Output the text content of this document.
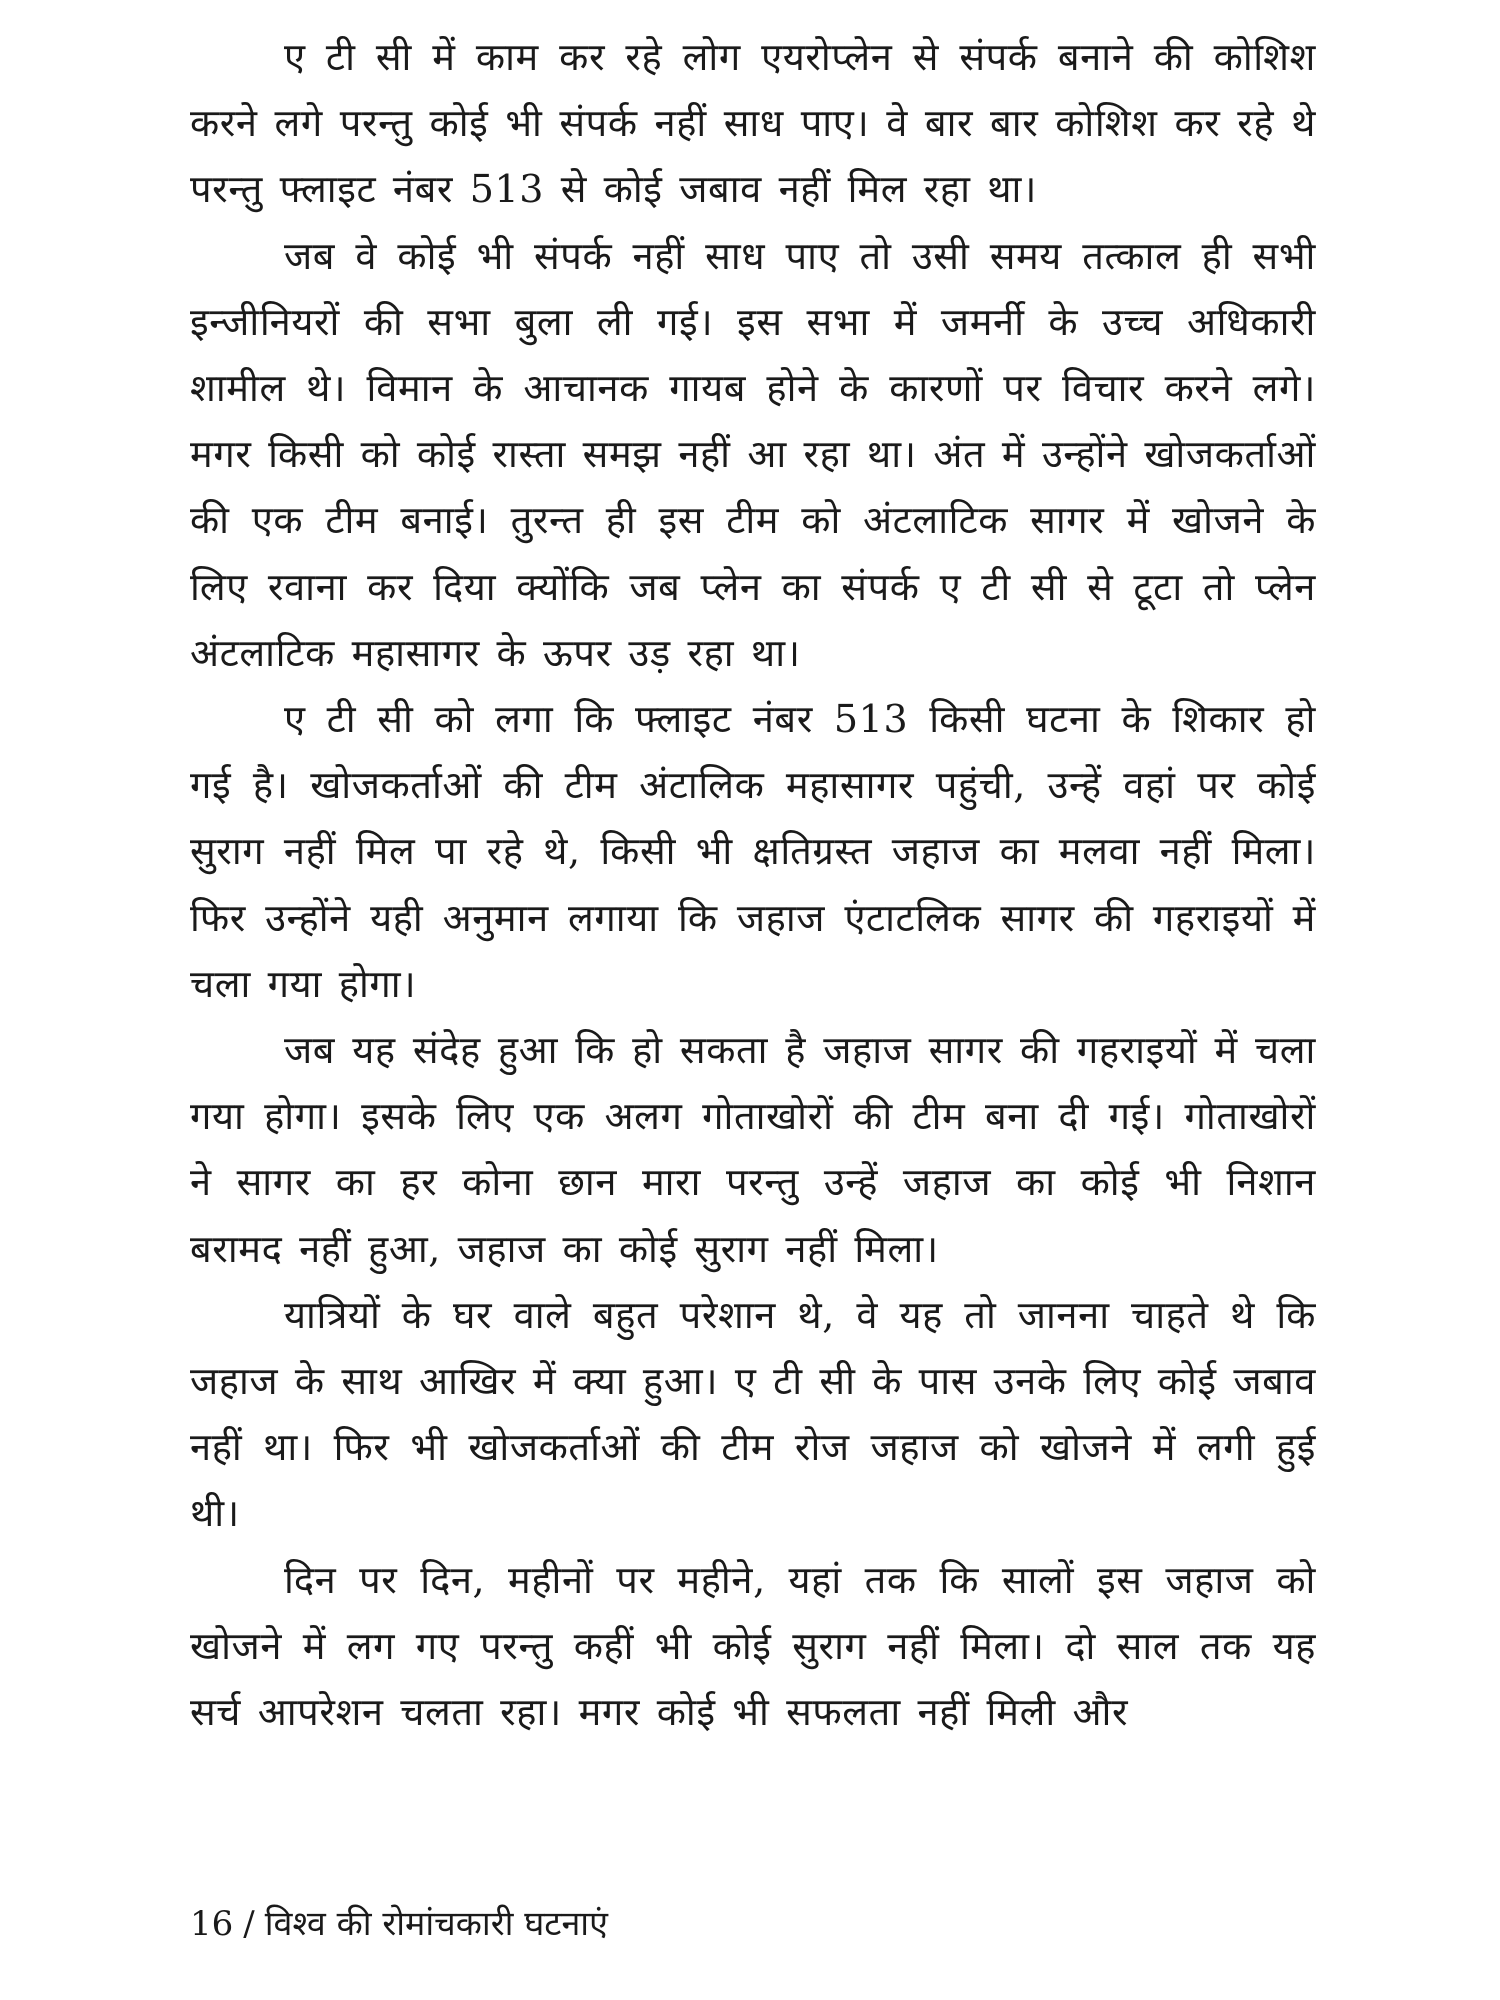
ए टी सी में काम कर रहे लोग एयरोप्लेन से संपर्क बनाने की कोशिश करने लगे परन्तु कोई भी संपर्क नहीं साध पाए। वे बार बार कोशिश कर रहे थे परन्तु फ्लाइट नंबर 513 से कोई जबाव नहीं मिल रहा था।

जब वे कोई भी संपर्क नहीं साध पाए तो उसी समय तत्काल ही सभी इन्जीनियरों की सभा बुला ली गई। इस सभा में जमर्नी के उच्च अधिकारी शामील थे। विमान के आचानक गायब होने के कारणों पर विचार करने लगे। मगर किसी को कोई रास्ता समझ नहीं आ रहा था। अंत में उन्होंने खोजकर्ताओं की एक टीम बनाई। तुरन्त ही इस टीम को अंटलाटिक सागर में खोजने के लिए रवाना कर दिया क्योंकि जब प्लेन का संपर्क ए टी सी से टूटा तो प्लेन अंटलाटिक महासागर के ऊपर उड़ रहा था।

ए टी सी को लगा कि फ्लाइट नंबर 513 किसी घटना के शिकार हो गई है। खोजकर्ताओं की टीम अंटालिक महासागर पहुंची, उन्हें वहां पर कोई सुराग नहीं मिल पा रहे थे, किसी भी क्षतिग्रस्त जहाज का मलवा नहीं मिला। फिर उन्होंने यही अनुमान लगाया कि जहाज एंटाटलिक सागर की गहराइयों में चला गया होगा।

जब यह संदेह हुआ कि हो सकता है जहाज सागर की गहराइयों में चला गया होगा। इसके लिए एक अलग गोताखोरों की टीम बना दी गई। गोताखोरों ने सागर का हर कोना छान मारा परन्तु उन्हें जहाज का कोई भी निशान बरामद नहीं हुआ, जहाज का कोई सुराग नहीं मिला।

यात्रियों के घर वाले बहुत परेशान थे, वे यह तो जानना चाहते थे कि जहाज के साथ आखिर में क्या हुआ। ए टी सी के पास उनके लिए कोई जबाव नहीं था। फिर भी खोजकर्ताओं की टीम रोज जहाज को खोजने में लगी हुई थी।

दिन पर दिन, महीनों पर महीने, यहां तक कि सालों इस जहाज को खोजने में लग गए परन्तु कहीं भी कोई सुराग नहीं मिला। दो साल तक यह सर्च आपरेशन चलता रहा। मगर कोई भी सफलता नहीं मिली और

16 / विश्व की रोमांचकारी घटनाएं
